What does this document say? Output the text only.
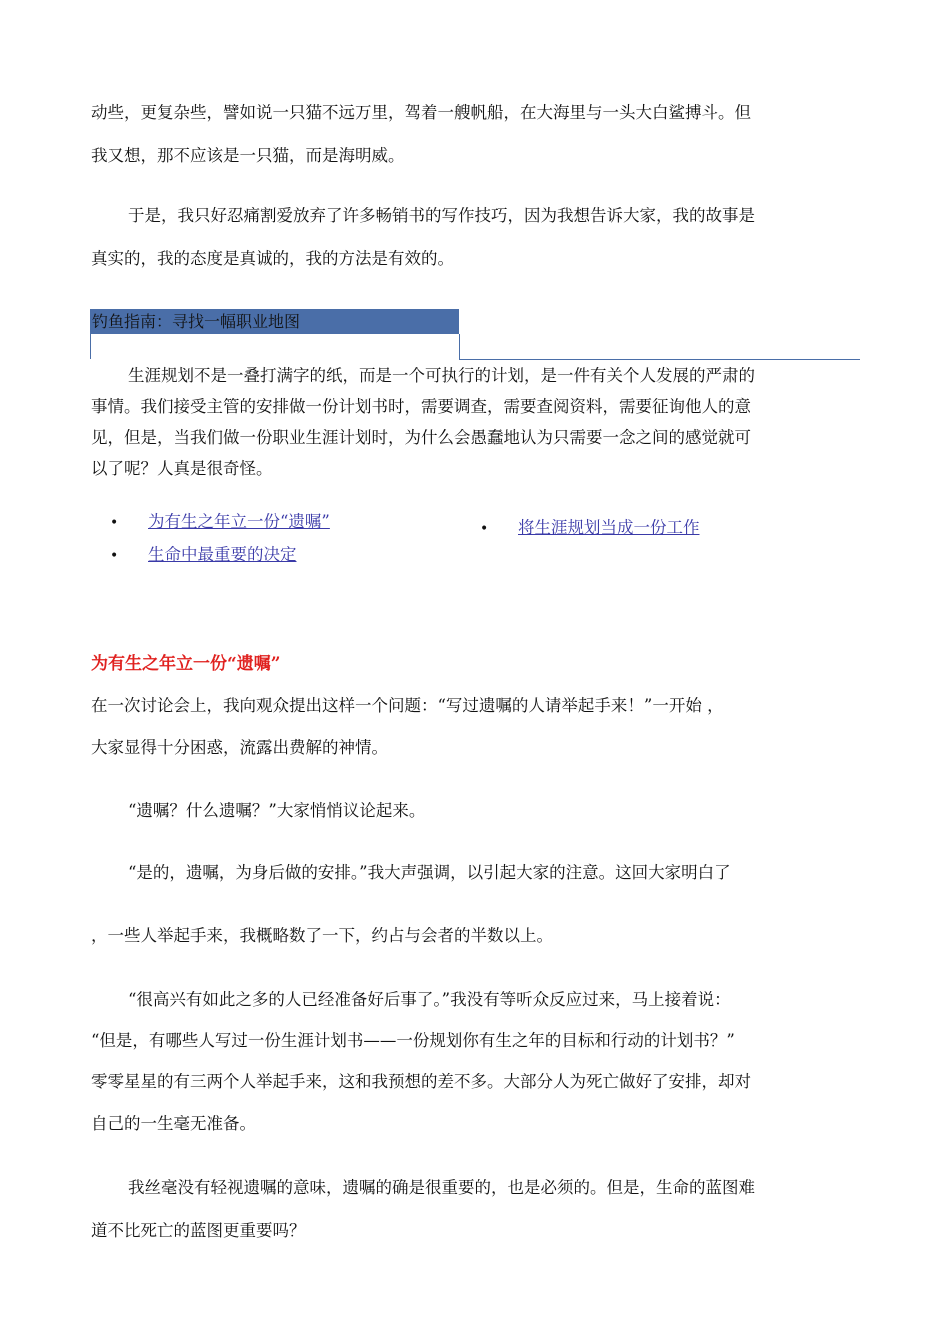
动些，更复杂些，譬如说一只猫不远万里，驾着一艘帆船，在大海里与一头大白鲨搏斗。但

我又想，那不应该是一只猫，而是海明威。

于是，我只好忍痛割爱放弃了许多畅销书的写作技巧，因为我想告诉大家，我的故事是

真实的，我的态度是真诚的，我的方法是有效的。

钓鱼指南：寻找一幅职业地图

生涯规划不是一叠打满字的纸，而是一个可执行的计划，是一件有关个人发展的严肃的

事情。我们接受主管的安排做一份计划书时，需要调查，需要查阅资料，需要征询他人的意

见，但是，当我们做一份职业生涯计划时，为什么会愚蠢地认为只需要一念之间的感觉就可

以了呢？人真是很奇怪。

• 为有生之年立一份“遗嘱”
• 生命中最重要的决定
• 将生涯规划当成一份工作
为有生之年立一份“遗嘱”

在一次讨论会上，我向观众提出这样一个问题：“写过遗嘱的人请举起手来！”一开始 ，

大家显得十分困惑，流露出费解的神情。

“遗嘱？什么遗嘱？”大家悄悄议论起来。

“是的，遗嘱，为身后做的安排。”我大声强调，以引起大家的注意。这回大家明白了

，一些人举起手来，我概略数了一下，约占与会者的半数以上。

“很高兴有如此之多的人已经准备好后事了。”我没有等听众反应过来，马上接着说：

“但是，有哪些人写过一份生涯计划书——一份规划你有生之年的目标和行动的计划书？”

零零星星的有三两个人举起手来，这和我预想的差不多。大部分人为死亡做好了安排，却对

自己的一生毫无准备。

我丝毫没有轻视遗嘱的意味，遗嘱的确是很重要的，也是必须的。但是，生命的蓝图难

道不比死亡的蓝图更重要吗？
